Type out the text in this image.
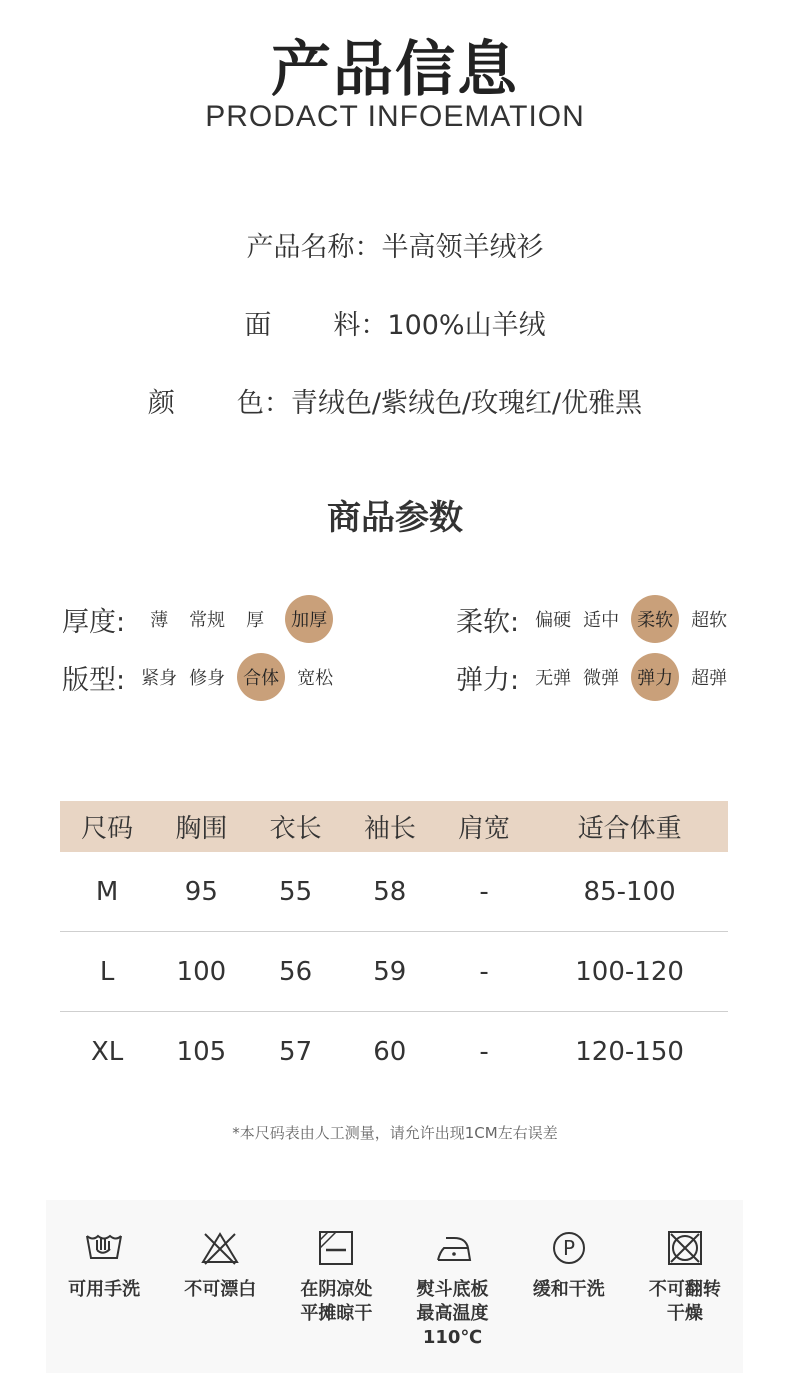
产品信息
PRODACT INFOEMATION
产品名称：半高领羊绒衫
面 料：100%山羊绒
颜 色：青绒色/紫绒色/玫瑰红/优雅黑
商品参数
厚度:	薄	常规	厚	加厚	柔软: 偏硬 适中	柔软	超软
版型: 紧身 修身	合体	宽松	弹力: 无弹 微弹	弹力	超弹
尺码	胸围	衣长	袖长	肩宽	适合体重
M	95	55	58	-	85-100
L	100	56	59	-	100-120
XL	105	57	60	-	120-150
*本尺码表由人工测量，请允许出现1CM左右误差
可用手洗 不可漂白 在阴凉处
平摊晾干
熨斗底板
最高温度
110℃
P
缓和干洗 不可翻转
干燥
